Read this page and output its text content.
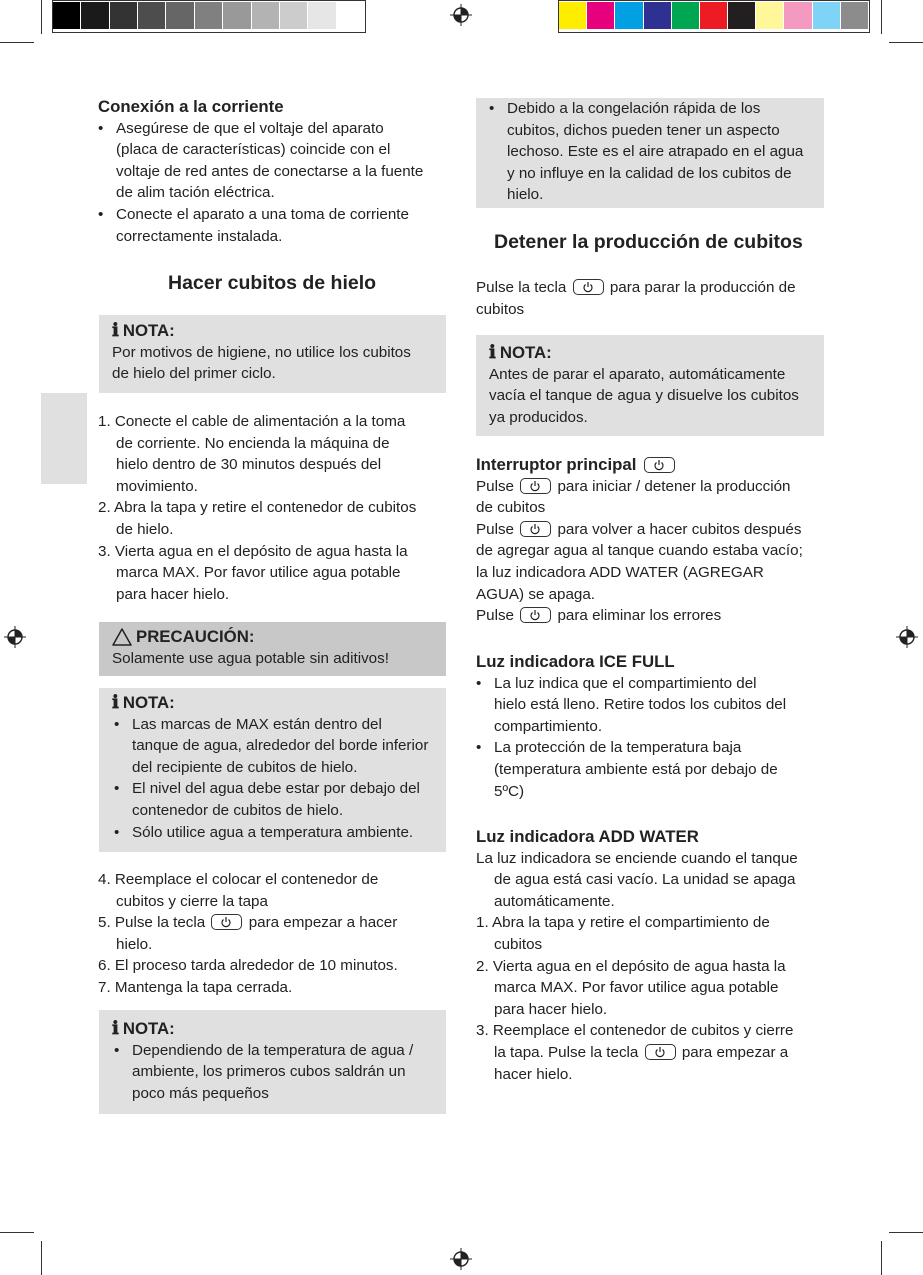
Conexión a la corriente
• Asegúrese de que el voltaje del aparato
(placa de características) coincide con el
voltaje de red antes de conectarse a la fuente
de alim tación eléctrica.
• Conecte el aparato a una toma de corriente
correctamente instalada.
Hacer cubitos de hielo
ℹ NOTA:
Por motivos de higiene, no utilice los cubitos
de hielo del primer ciclo.
1. Conecte el cable de alimentación a la toma
de corriente. No encienda la máquina de
hielo dentro de 30 minutos después del
movimiento.
2. Abra la tapa y retire el contenedor de cubitos
de hielo.
3. Vierta agua en el depósito de agua hasta la
marca MAX. Por favor utilice agua potable
para hacer hielo.
PRECAUCIÓN:
Solamente use agua potable sin aditivos!
ℹ NOTA:
• Las marcas de MAX están dentro del
tanque de agua, alrededor del borde inferior
del recipiente de cubitos de hielo.
• El nivel del agua debe estar por debajo del
contenedor de cubitos de hielo.
• Sólo utilice agua a temperatura ambiente.
4. Reemplace el colocar el contenedor de
cubitos y cierre la tapa
5. Pulse la tecla	para empezar a hacer
hielo.
6. El proceso tarda alrededor de 10 minutos.
7. Mantenga la tapa cerrada.
ℹ NOTA:
• Dependiendo de la temperatura de agua /
ambiente, los primeros cubos saldrán un
poco más pequeños
• Debido a la congelación rápida de los
cubitos, dichos pueden tener un aspecto
lechoso. Este es el aire atrapado en el agua
y no influye en la calidad de los cubitos de
hielo.
Detener la producción de cubitos
Pulse la tecla	para parar la producción de
cubitos
ℹ NOTA:
Antes de parar el aparato, automáticamente
vacía el tanque de agua y disuelve los cubitos
ya producidos.
Interruptor principal
Pulse	para iniciar / detener la producción
de cubitos
Pulse	para volver a hacer cubitos después
de agregar agua al tanque cuando estaba vacío;
la luz indicadora ADD WATER (AGREGAR
AGUA) se apaga.
Pulse	para eliminar los errores
Luz indicadora ICE FULL
• La luz indica que el compartimiento del
hielo está lleno. Retire todos los cubitos del
compartimiento.
• La protección de la temperatura baja
(temperatura ambiente está por debajo de
5ºC)
Luz indicadora ADD WATER
La luz indicadora se enciende cuando el tanque
de agua está casi vacío. La unidad se apaga
automáticamente.
1. Abra la tapa y retire el compartimiento de
cubitos
2. Vierta agua en el depósito de agua hasta la
marca MAX. Por favor utilice agua potable
para hacer hielo.
3. Reemplace el contenedor de cubitos y cierre
la tapa. Pulse la tecla	para empezar a
hacer hielo.
